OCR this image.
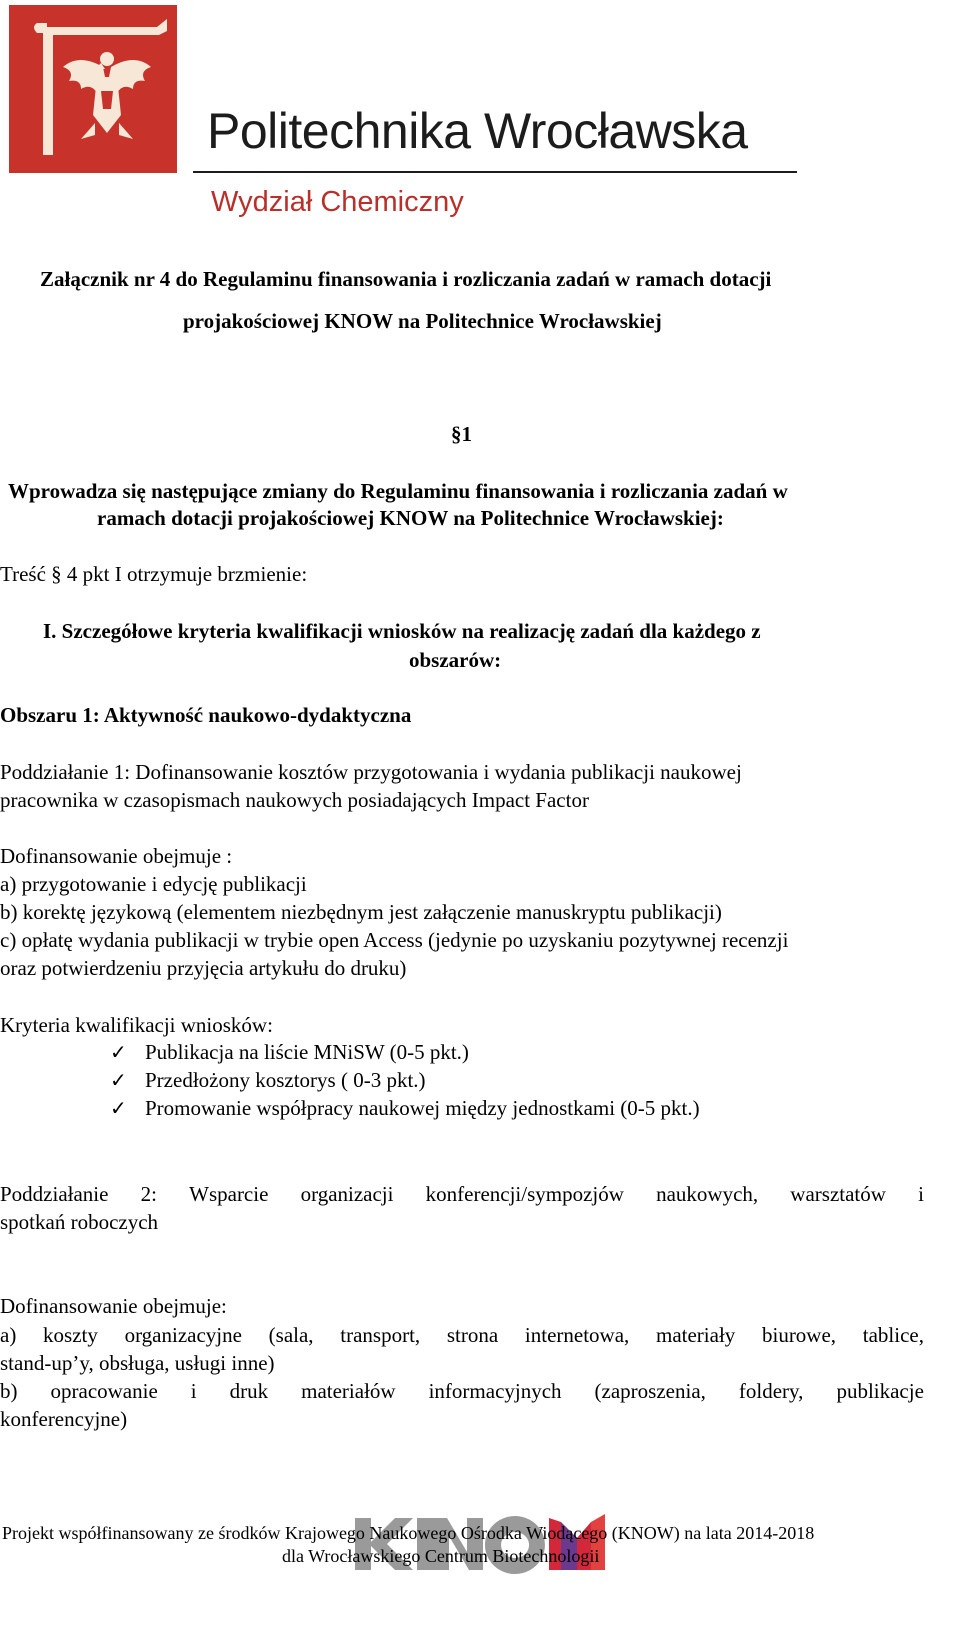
Politechnika Wrocławska
Wydział Chemiczny
Załącznik nr 4 do Regulaminu finansowania i rozliczania zadań w ramach dotacji
projakościowej KNOW na Politechnice Wrocławskiej
§1
Wprowadza się następujące zmiany do Regulaminu finansowania i rozliczania zadań w
ramach dotacji projakościowej KNOW na Politechnice Wrocławskiej:
Treść § 4 pkt I otrzymuje brzmienie:
I. Szczegółowe kryteria kwalifikacji wniosków na realizację zadań dla każdego z
obszarów:
Obszaru 1: Aktywność naukowo-dydaktyczna
Poddziałanie 1: Dofinansowanie kosztów przygotowania i wydania publikacji naukowej
pracownika w czasopismach naukowych posiadających Impact Factor
Dofinansowanie obejmuje :
a) przygotowanie i edycję publikacji
b) korektę językową (elementem niezbędnym jest załączenie manuskryptu publikacji)
c) opłatę wydania publikacji w trybie open Access (jedynie po uzyskaniu pozytywnej recenzji
oraz potwierdzeniu przyjęcia artykułu do druku)
Kryteria kwalifikacji wniosków:
✓ Publikacja na liście MNiSW (0-5 pkt.)
✓ Przedłożony kosztorys ( 0-3 pkt.)
✓ Promowanie współpracy naukowej między jednostkami (0-5 pkt.)
Poddziałanie 2: Wsparcie organizacji konferencji/sympozjów naukowych, warsztatów i
spotkań roboczych
Dofinansowanie obejmuje:
a) koszty organizacyjne (sala, transport, strona internetowa, materiały biurowe, tablice,
stand-up’y, obsługa, usługi inne)
b) opracowanie i druk materiałów informacyjnych (zaproszenia, foldery, publikacje
konferencyjne)
Projekt współfinansowany ze środków Krajowego Naukowego Ośrodka Wiodącego (KNOW) na lata 2014-2018
dla Wrocławskiego Centrum Biotechnologii
